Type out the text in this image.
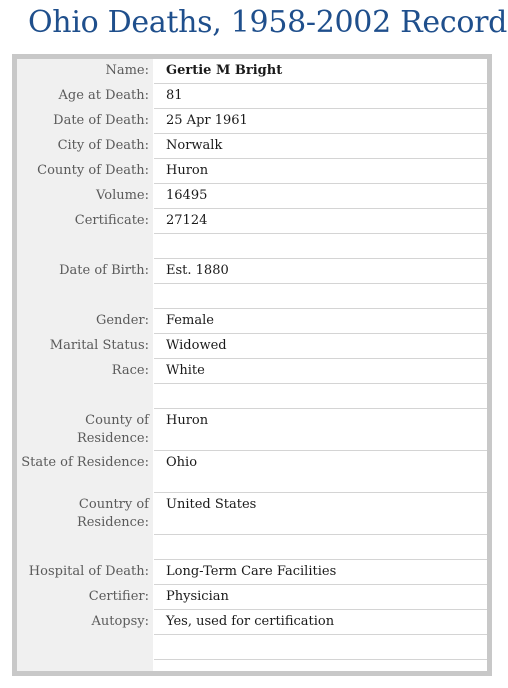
Ohio Deaths, 1958-2002 Record
Name:	Gertie M Bright
Age at Death:	81
Date of Death:	25 Apr 1961
City of Death:	Norwalk
County of Death:	Huron
Volume:	16495
Certificate:	27124
Date of Birth:	Est. 1880
Gender:	Female
Marital Status:	Widowed
Race:	White
County of Residence:
Huron
State of Residence:	Ohio
Country of Residence:
United States
Hospital of Death:	Long-Term Care Facilities
Certifier:	Physician
Autopsy:	Yes, used for certification
